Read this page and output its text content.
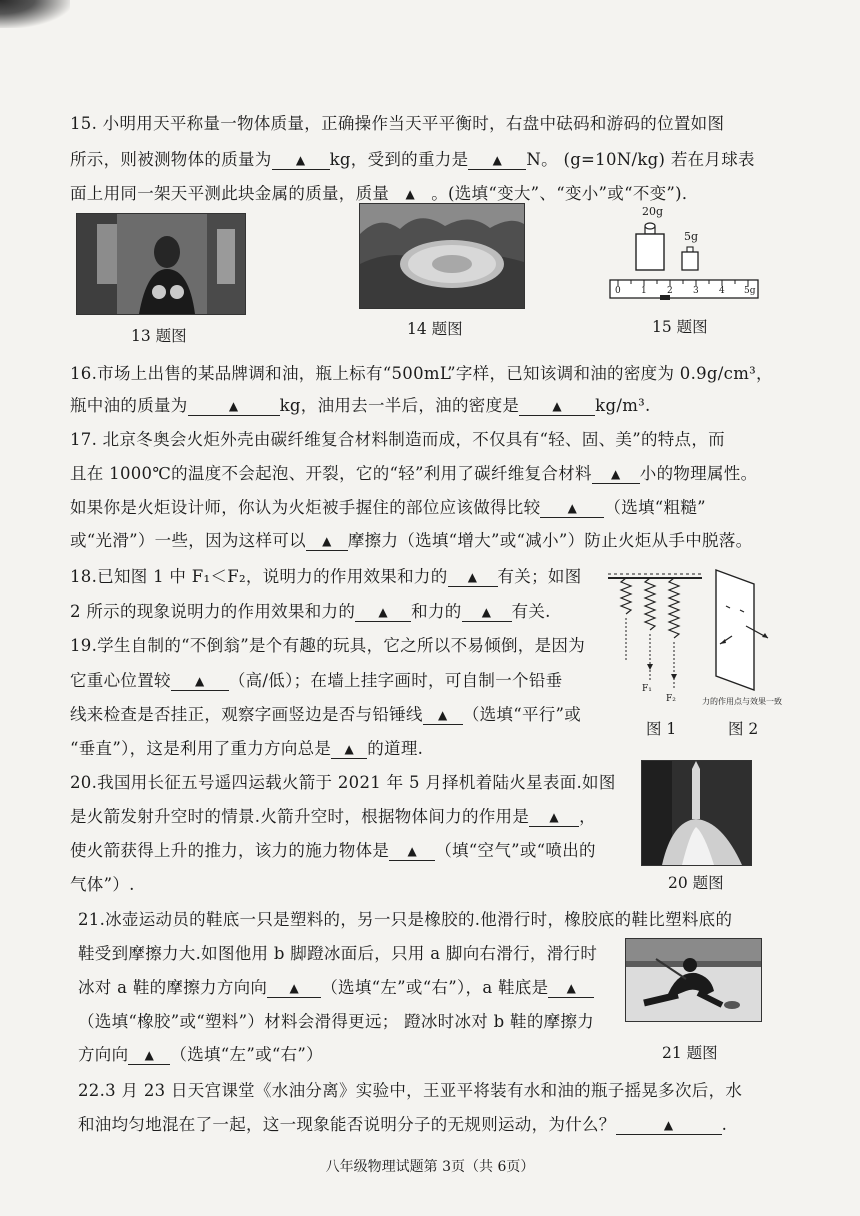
15. 小明用天平称量一物体质量，正确操作当天平平衡时，右盘中砝码和游码的位置如图
所示，则被测物体的质量为 ▲ kg，受到的重力是 ▲ N。 (g=10N/kg) 若在月球表
面上用同一架天平测此块金属的质量，质量 ▲ 。(选填“变大”、“变小”或“不变”)．
13 题图	14 题图
20g
5g
0 1 2 3 4 5g
15 题图
16.市场上出售的某品牌调和油，瓶上标有“500mL”字样，已知该调和油的密度为 0.9g/cm³，
瓶中油的质量为	▲ kg，油用去一半后，油的密度是	▲ kg/m³.
17. 北京冬奥会火炬外壳由碳纤维复合材料制造而成，不仅具有“轻、固、美”的特点，而
且在 1000℃的温度不会起泡、开裂，它的“轻”利用了碳纤维复合材料 ▲ 小的物理属性。
如果你是火炬设计师，你认为火炬被手握住的部位应该做得比较 ▲ （选填“粗糙”
或“光滑”）一些，因为这样可以 ▲ 摩擦力（选填“增大”或“减小”）防止火炬从手中脱落。
18.已知图 1 中 F₁＜F₂，说明力的作用效果和力的 ▲ 有关；如图
2 所示的现象说明力的作用效果和力的 ▲ 和力的 ▲ 有关.
19.学生自制的“不倒翁”是个有趣的玩具，它之所以不易倾倒，是因为
它重心位置较 ▲ （高/低）；在墙上挂字画时，可自制一个铅垂
线来检查是否挂正，观察字画竖边是否与铅锤线 ▲ （选填“平行”或
“垂直”），这是利用了重力方向总是 ▲ 的道理.
F₁
F₂	力的作用点与效果一致
图 1	图 2
20.我国用长征五号遥四运载火箭于 2021 年 5 月择机着陆火星表面.如图
是火箭发射升空时的情景.火箭升空时，根据物体间力的作用是 ▲ ，
使火箭获得上升的推力，该力的施力物体是 ▲ （填“空气”或“喷出的
气体”）.	20 题图
21.冰壶运动员的鞋底一只是塑料的，另一只是橡胶的.他滑行时，橡胶底的鞋比塑料底的
鞋受到摩擦力大.如图他用 b 脚蹬冰面后，只用 a 脚向右滑行，滑行时
冰对 a 鞋的摩擦力方向向 ▲ （选填“左”或“右”），a 鞋底是 ▲
（选填“橡胶”或“塑料”）材料会滑得更远； 蹬冰时冰对 b 鞋的摩擦力
方向向 ▲ （选填“左”或“右”）	21 题图
22.3 月 23 日天宫课堂《水油分离》实验中，王亚平将装有水和油的瓶子摇晃多次后，水
和油均匀地混在了一起，这一现象能否说明分子的无规则运动，为什么？	▲	.
八年级物理试题第 3页（共 6页）
